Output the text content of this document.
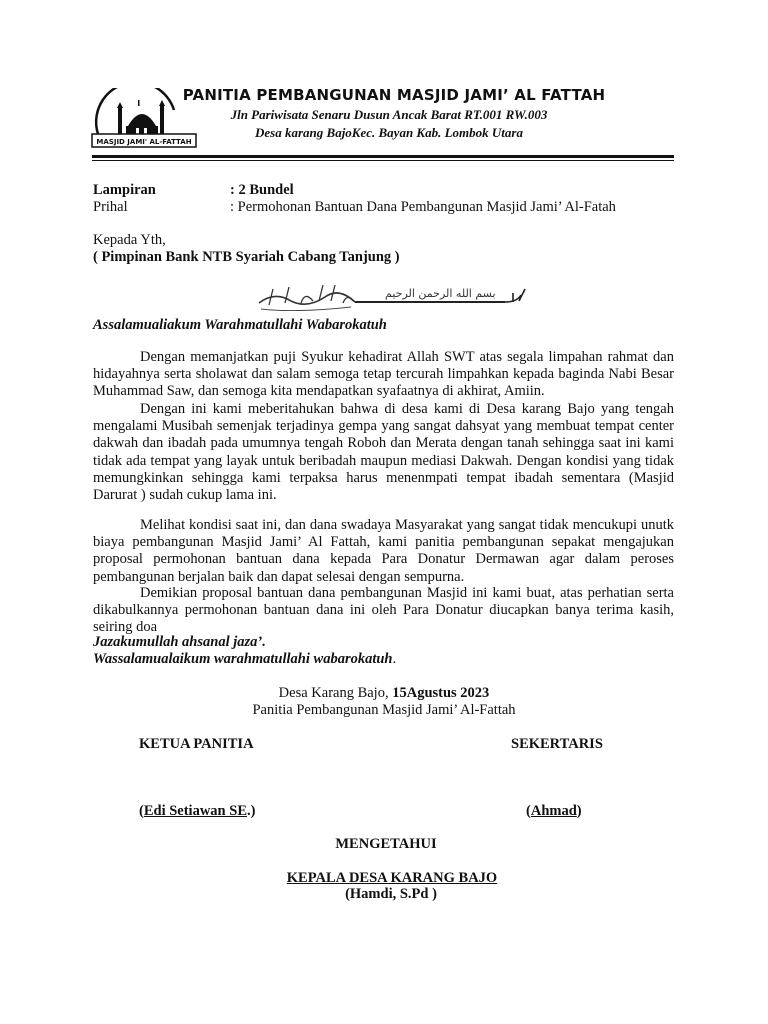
MASJID JAMI' AL-FATTAH
PANITIA PEMBANGUNAN MASJID JAMI’ AL FATTAH
Jln Pariwisata Senaru Dusun Ancak Barat RT.001 RW.003
Desa karang BajoKec. Bayan Kab. Lombok Utara
Lampiran	: 2 Bundel
Prihal	: Permohonan Bantuan Dana Pembangunan Masjid Jami’ Al-Fatah
Kepada Yth,
( Pimpinan Bank NTB Syariah Cabang Tanjung )
بسم الله الرحمن الرحيم
Assalamualiakum Warahmatullahi Wabarokatuh
Dengan memanjatkan puji Syukur kehadirat Allah SWT atas segala limpahan rahmat dan hidayahnya serta sholawat dan salam semoga tetap tercurah limpahkan kepada baginda Nabi Besar Muhammad Saw, dan semoga kita mendapatkan syafaatnya di akhirat, Amiin.
Dengan ini kami meberitahukan bahwa di desa kami di Desa karang Bajo yang tengah mengalami Musibah semenjak terjadinya gempa yang sangat dahsyat yang membuat tempat center dakwah dan ibadah pada umumnya tengah Roboh dan Merata dengan tanah sehingga saat ini kami tidak ada tempat yang layak untuk beribadah maupun mediasi Dakwah. Dengan kondisi yang tidak memungkinkan sehingga kami terpaksa harus menenmpati tempat ibadah sementara (Masjid Darurat ) sudah cukup lama ini.
Melihat kondisi saat ini, dan dana swadaya Masyarakat yang sangat tidak mencukupi unutk biaya pembangunan Masjid Jami’ Al Fattah, kami panitia pembangunan sepakat mengajukan proposal permohonan bantuan dana kepada Para Donatur Dermawan agar dalam peroses pembangunan berjalan baik dan dapat selesai dengan sempurna.
Demikian proposal bantuan dana pembangunan Masjid ini kami buat, atas perhatian serta dikabulkannya permohonan bantuan dana ini oleh Para Donatur diucapkan banya terima kasih, seiring doa
Jazakumullah ahsanal jaza’.
Wassalamualaikum warahmatullahi wabarokatuh.
Desa Karang Bajo, 15Agustus 2023
Panitia Pembangunan Masjid Jami’ Al-Fattah
KETUA PANITIA	SEKERTARIS
(Edi Setiawan SE.)	(Ahmad)
MENGETAHUI
KEPALA DESA KARANG BAJO
(Hamdi, S.Pd )
